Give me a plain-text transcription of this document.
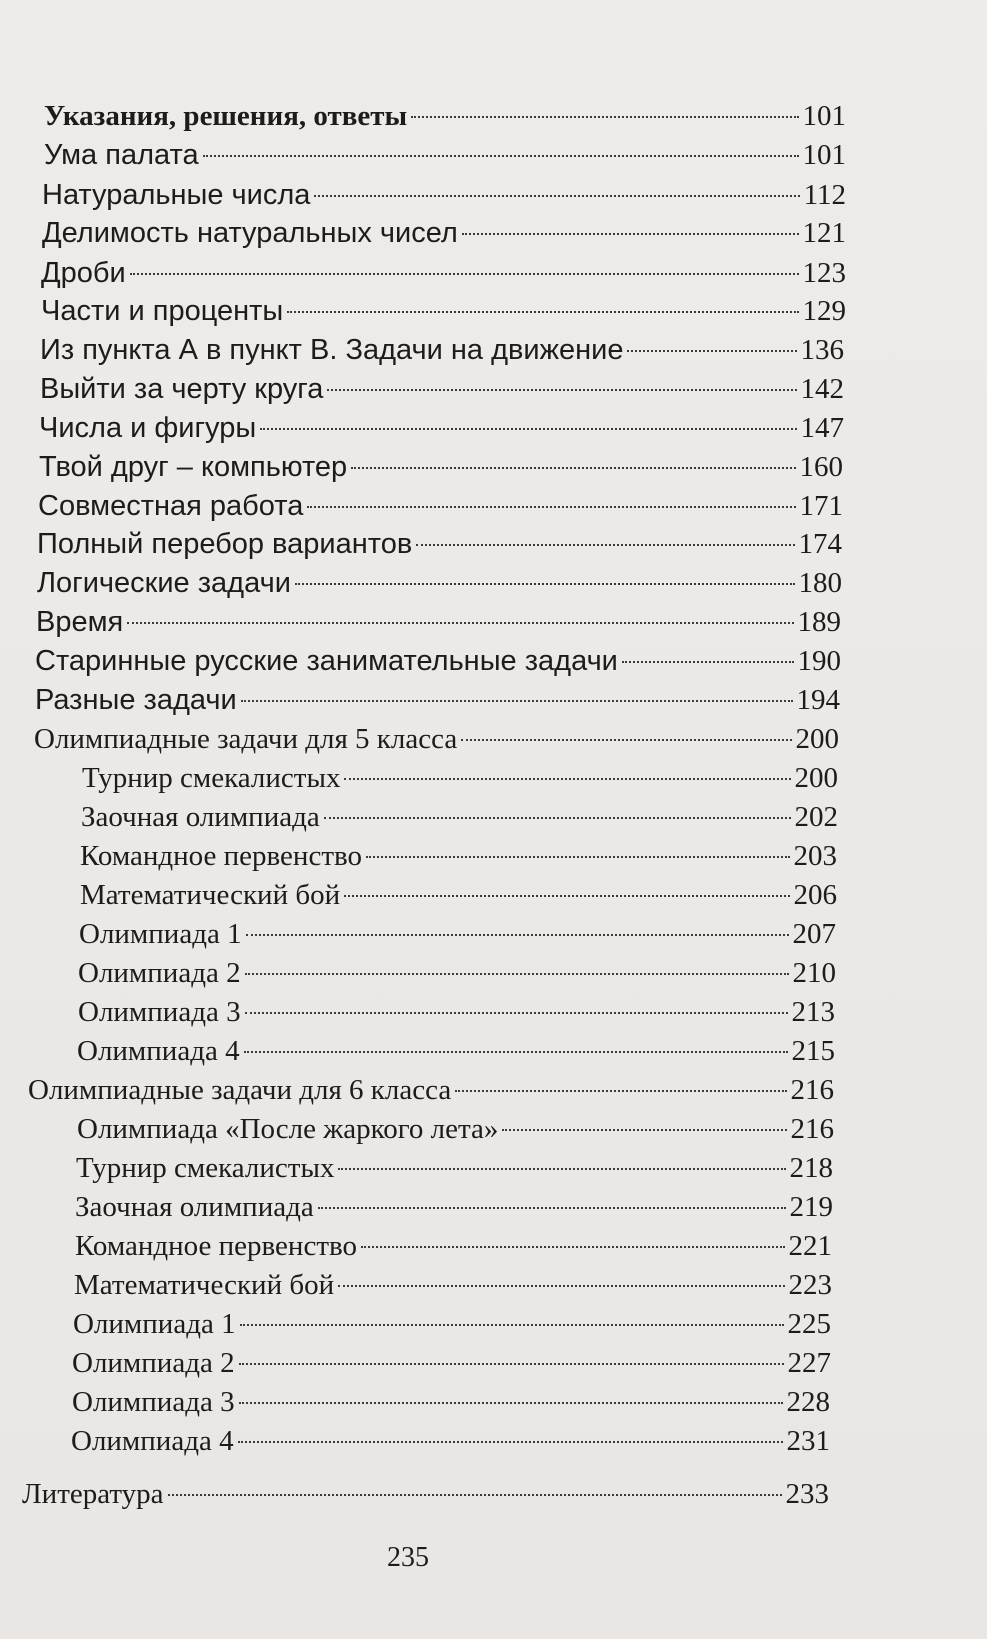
Указания, решения, ответы	101
Ума палата	101
Натуральные числа	112
Делимость натуральных чисел	121
Дроби	123
Части и проценты	129
Из пункта А в пункт В. Задачи на движение	136
Выйти за черту круга	142
Числа и фигуры	147
Твой друг – компьютер	160
Совместная работа	171
Полный перебор вариантов	174
Логические задачи	180
Время	189
Старинные русские занимательные задачи	190
Разные задачи	194
Олимпиадные задачи для 5 класса	200
Турнир смекалистых	200
Заочная олимпиада	202
Командное первенство	203
Математический бой	206
Олимпиада 1	207
Олимпиада 2	210
Олимпиада 3	213
Олимпиада 4	215
Олимпиадные задачи для 6 класса	216
Олимпиада «После жаркого лета»	216
Турнир смекалистых	218
Заочная олимпиада	219
Командное первенство	221
Математический бой	223
Олимпиада 1	225
Олимпиада 2	227
Олимпиада 3	228
Олимпиада 4	231
Литература	233
235
